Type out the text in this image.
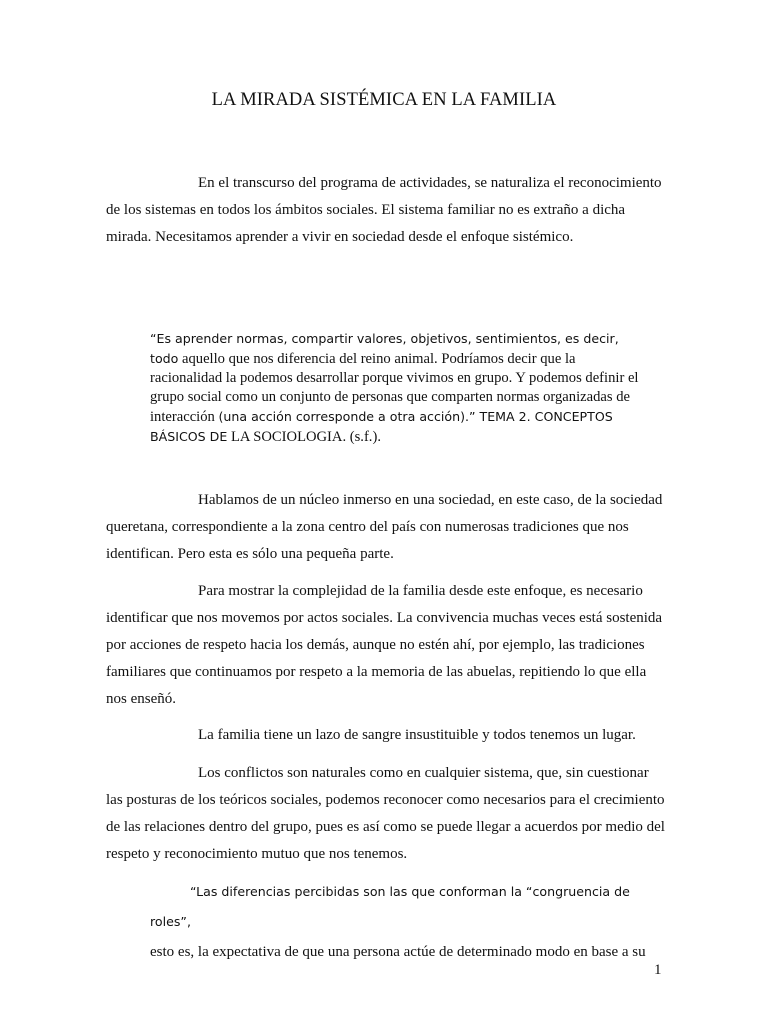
LA MIRADA SISTÉMICA EN LA FAMILIA

En el transcurso del programa de actividades, se naturaliza el reconocimiento de los sistemas en todos los ámbitos sociales. El sistema familiar no es extraño a dicha mirada. Necesitamos aprender a vivir en sociedad desde el enfoque sistémico.

“Es aprender normas, compartir valores, objetivos, sentimientos, es decir, todo aquello que nos diferencia del reino animal. Podríamos decir que la racionalidad la podemos desarrollar porque vivimos en grupo. Y podemos definir el grupo social como un conjunto de personas que comparten normas organizadas de interacción (una acción corresponde a otra acción).” TEMA 2. CONCEPTOS BÁSICOS DE LA SOCIOLOGIA. (s.f.).

Hablamos de un núcleo inmerso en una sociedad, en este caso, de la sociedad queretana, correspondiente a la zona centro del país con numerosas tradiciones que nos identifican. Pero esta es sólo una pequeña parte.

Para mostrar la complejidad de la familia desde este enfoque, es necesario identificar que nos movemos por actos sociales. La convivencia muchas veces está sostenida por acciones de respeto hacia los demás, aunque no estén ahí, por ejemplo, las tradiciones familiares que continuamos por respeto a la memoria de las abuelas, repitiendo lo que ella nos enseñó.

La familia tiene un lazo de sangre insustituible y todos tenemos un lugar.

Los conflictos son naturales como en cualquier sistema, que, sin cuestionar las posturas de los teóricos sociales, podemos reconocer como necesarios para el crecimiento de las relaciones dentro del grupo, pues es así como se puede llegar a acuerdos por medio del respeto y reconocimiento mutuo que nos tenemos.

“Las diferencias percibidas son las que conforman la “congruencia de roles”,
esto es, la expectativa de que una persona actúe de determinado modo en base a su

1
